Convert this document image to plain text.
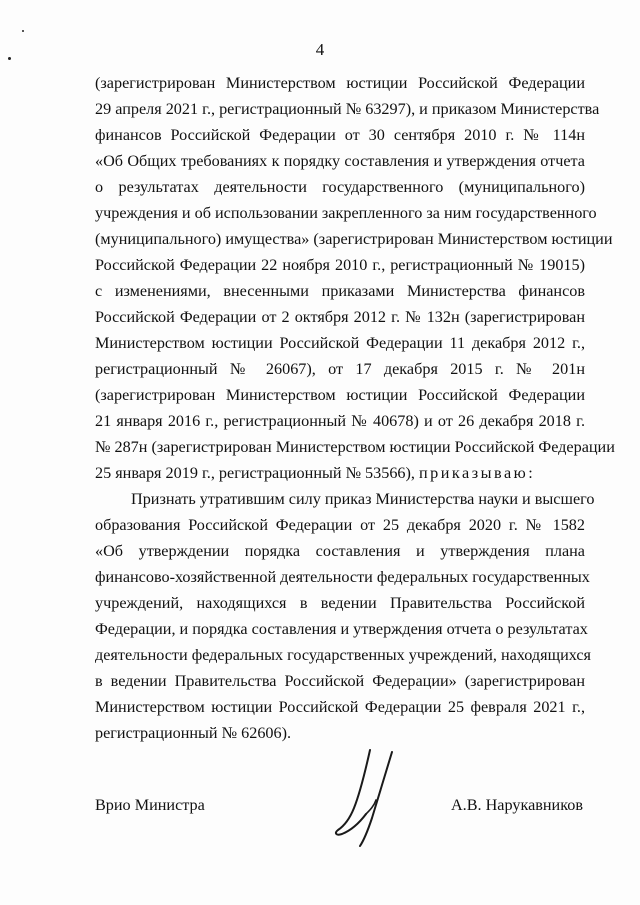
4
(зарегистрирован Министерством юстиции Российской Федерации
29 апреля 2021 г., регистрационный № 63297), и приказом Министерства
финансов Российской Федерации от 30 сентября 2010 г. № 114н
«Об Общих требованиях к порядку составления и утверждения отчета
о результатах деятельности государственного (муниципального)
учреждения и об использовании закрепленного за ним государственного
(муниципального) имущества» (зарегистрирован Министерством юстиции
Российской Федерации 22 ноября 2010 г., регистрационный № 19015)
с изменениями, внесенными приказами Министерства финансов
Российской Федерации от 2 октября 2012 г. № 132н (зарегистрирован
Министерством юстиции Российской Федерации 11 декабря 2012 г.,
регистрационный № 26067), от 17 декабря 2015 г. № 201н
(зарегистрирован Министерством юстиции Российской Федерации
21 января 2016 г., регистрационный № 40678) и от 26 декабря 2018 г.
№ 287н (зарегистрирован Министерством юстиции Российской Федерации
25 января 2019 г., регистрационный № 53566), приказываю:
Признать утратившим силу приказ Министерства науки и высшего
образования Российской Федерации от 25 декабря 2020 г. № 1582
«Об утверждении порядка составления и утверждения плана
финансово-хозяйственной деятельности федеральных государственных
учреждений, находящихся в ведении Правительства Российской
Федерации, и порядка составления и утверждения отчета о результатах
деятельности федеральных государственных учреждений, находящихся
в ведении Правительства Российской Федерации» (зарегистрирован
Министерством юстиции Российской Федерации 25 февраля 2021 г.,
регистрационный № 62606).
Врио Министра	А.В. Нарукавников
